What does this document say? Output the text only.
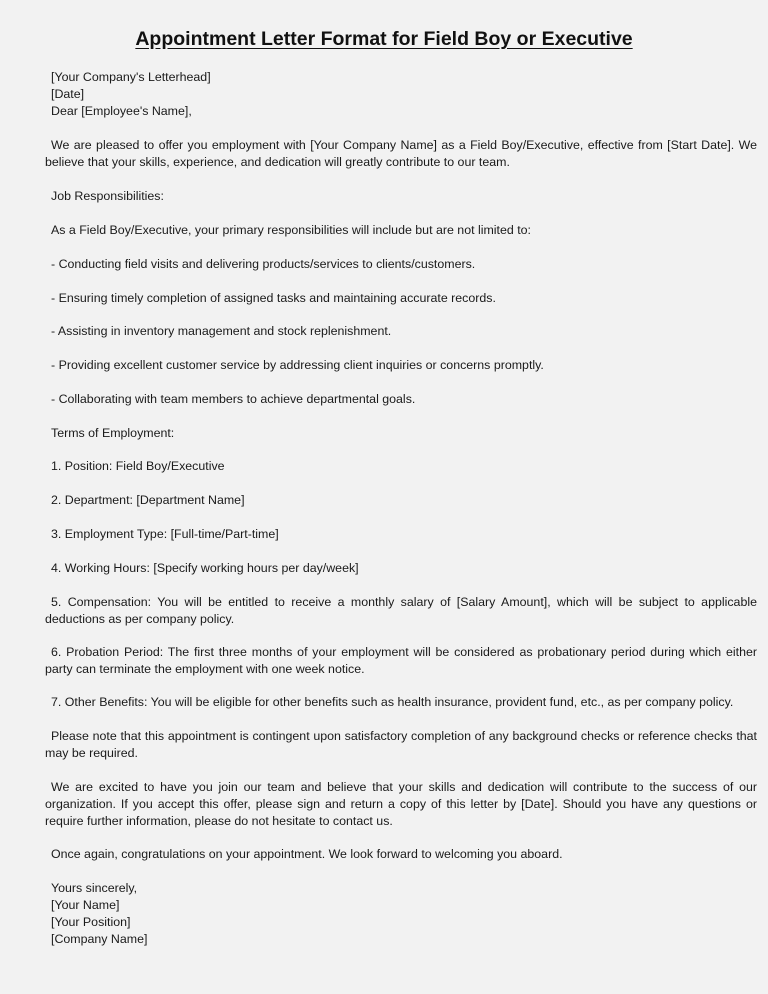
Appointment Letter Format for Field Boy or Executive
[Your Company's Letterhead]
[Date]
Dear [Employee's Name],
We are pleased to offer you employment with [Your Company Name] as a Field Boy/Executive, effective from [Start Date]. We believe that your skills, experience, and dedication will greatly contribute to our team.
Job Responsibilities:
As a Field Boy/Executive, your primary responsibilities will include but are not limited to:
- Conducting field visits and delivering products/services to clients/customers.
- Ensuring timely completion of assigned tasks and maintaining accurate records.
- Assisting in inventory management and stock replenishment.
- Providing excellent customer service by addressing client inquiries or concerns promptly.
- Collaborating with team members to achieve departmental goals.
Terms of Employment:
1. Position: Field Boy/Executive
2. Department: [Department Name]
3. Employment Type: [Full-time/Part-time]
4. Working Hours: [Specify working hours per day/week]
5. Compensation: You will be entitled to receive a monthly salary of [Salary Amount], which will be subject to applicable deductions as per company policy.
6. Probation Period: The first three months of your employment will be considered as probationary period during which either party can terminate the employment with one week notice.
7. Other Benefits: You will be eligible for other benefits such as health insurance, provident fund, etc., as per company policy.
Please note that this appointment is contingent upon satisfactory completion of any background checks or reference checks that may be required.
We are excited to have you join our team and believe that your skills and dedication will contribute to the success of our organization. If you accept this offer, please sign and return a copy of this letter by [Date]. Should you have any questions or require further information, please do not hesitate to contact us.
Once again, congratulations on your appointment. We look forward to welcoming you aboard.
Yours sincerely,
[Your Name]
[Your Position]
[Company Name]
